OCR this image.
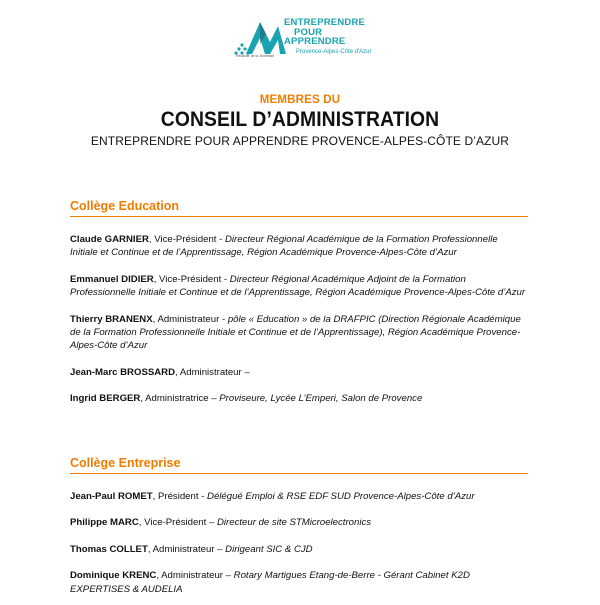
ENTREPRENDRE
POUR
APPRENDRE
Provence-Alpes-Côte d'Azur
Réussite de la Jeunesse
MEMBRES DU
CONSEIL D’ADMINISTRATION
ENTREPRENDRE POUR APPRENDRE PROVENCE-ALPES-CÔTE D’AZUR
Collège Education
Claude GARNIER, Vice-Président - Directeur Régional Académique de la Formation Professionnelle Initiale et Continue et de l’Apprentissage, Région Académique Provence-Alpes-Côte d’Azur
Emmanuel DIDIER, Vice-Président - Directeur Régional Académique Adjoint de la Formation Professionnelle Initiale et Continue et de l’Apprentissage, Région Académique Provence-Alpes-Côte d’Azur
Thierry BRANENX, Administrateur - pôle « Education » de la DRAFPIC (Direction Régionale Académique de la Formation Professionnelle Initiale et Continue et de l’Apprentissage), Région Académique Provence-Alpes-Côte d’Azur
Jean-Marc BROSSARD, Administrateur –
Ingrid BERGER, Administratrice – Proviseure, Lycée L’Emperi, Salon de Provence
Collège Entreprise
Jean-Paul ROMET, Président - Délégué Emploi & RSE EDF SUD Provence-Alpes-Côte d’Azur
Philippe MARC, Vice-Président – Directeur de site STMicroelectronics
Thomas COLLET, Administrateur – Dirigeant SIC & CJD
Dominique KRENC, Administrateur – Rotary Martigues Etang-de-Berre - Gérant Cabinet K2D EXPERTISES & AUDELIA
